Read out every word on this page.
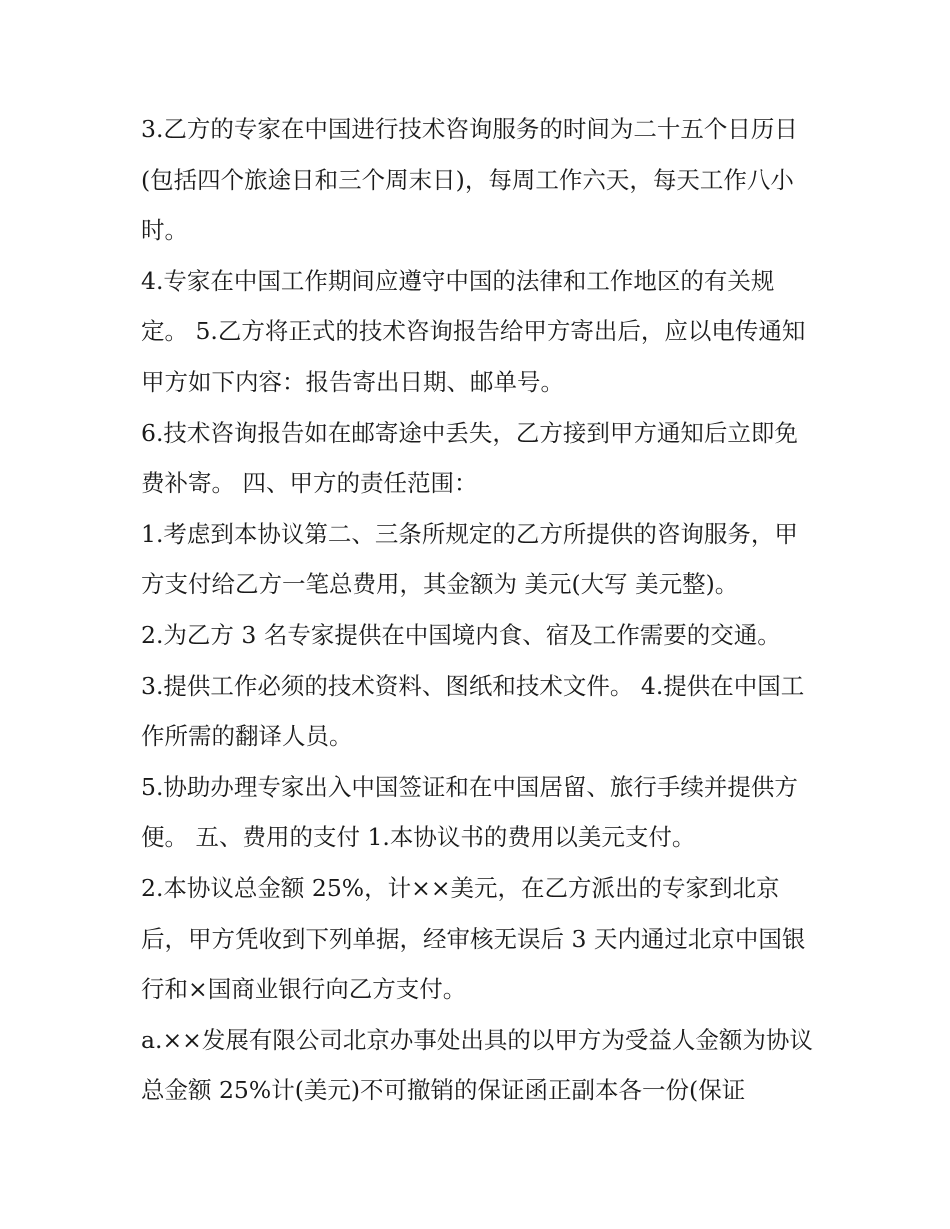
3.乙方的专家在中国进行技术咨询服务的时间为二十五个日历日(包括四个旅途日和三个周末日)，每周工作六天，每天工作八小时。

4.专家在中国工作期间应遵守中国的法律和工作地区的有关规定。 5.乙方将正式的技术咨询报告给甲方寄出后，应以电传通知甲方如下内容：报告寄出日期、邮单号。

6.技术咨询报告如在邮寄途中丢失，乙方接到甲方通知后立即免费补寄。 四、甲方的责任范围：

1.考虑到本协议第二、三条所规定的乙方所提供的咨询服务，甲方支付给乙方一笔总费用，其金额为 美元(大写 美元整)。

2.为乙方 3 名专家提供在中国境内食、宿及工作需要的交通。

3.提供工作必须的技术资料、图纸和技术文件。 4.提供在中国工作所需的翻译人员。

5.协助办理专家出入中国签证和在中国居留、旅行手续并提供方便。 五、费用的支付 1.本协议书的费用以美元支付。

2.本协议总金额 25%，计××美元，在乙方派出的专家到北京后，甲方凭收到下列单据，经审核无误后 3 天内通过北京中国银行和×国商业银行向乙方支付。

a.××发展有限公司北京办事处出具的以甲方为受益人金额为协议总金额 25%计(美元)不可撤销的保证函正副本各一份(保证
